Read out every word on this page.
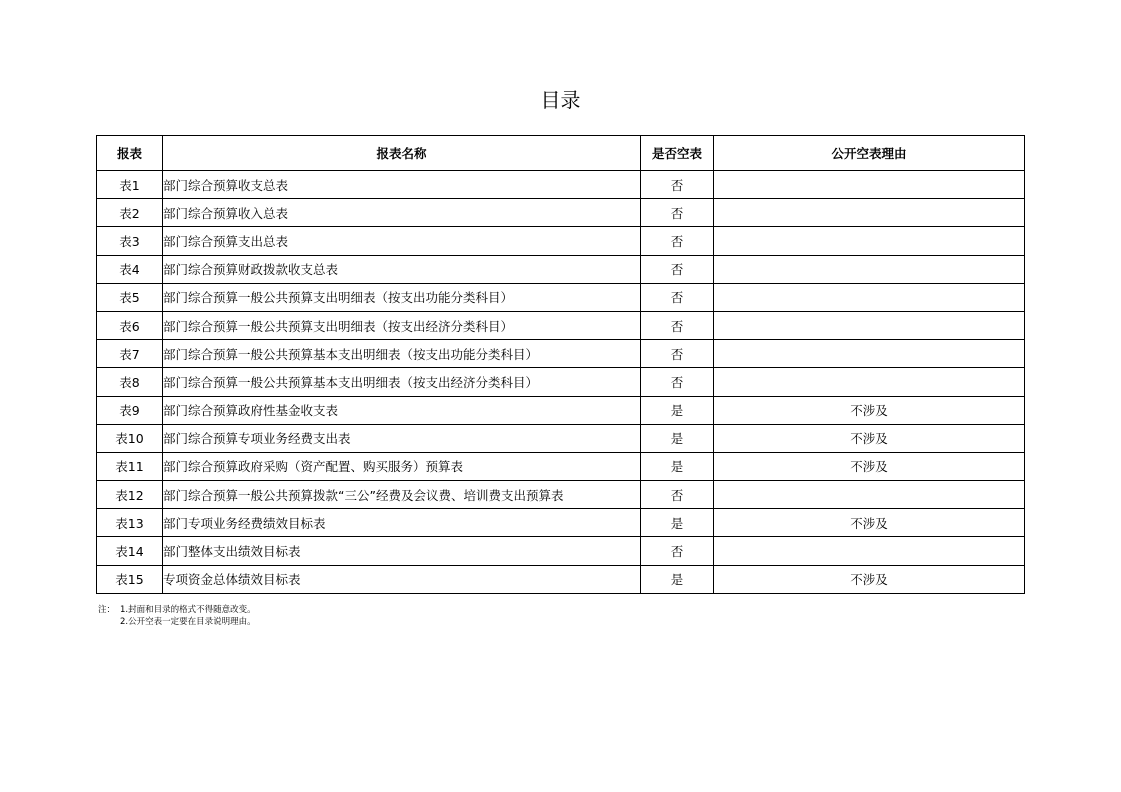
目录
报表	报表名称	是否空表	公开空表理由
表1	部门综合预算收支总表	否	
表2	部门综合预算收入总表	否	
表3	部门综合预算支出总表	否	
表4	部门综合预算财政拨款收支总表	否	
表5	部门综合预算一般公共预算支出明细表（按支出功能分类科目）	否	
表6	部门综合预算一般公共预算支出明细表（按支出经济分类科目）	否	
表7	部门综合预算一般公共预算基本支出明细表（按支出功能分类科目）	否	
表8	部门综合预算一般公共预算基本支出明细表（按支出经济分类科目）	否	
表9	部门综合预算政府性基金收支表	是	不涉及
表10	部门综合预算专项业务经费支出表	是	不涉及
表11	部门综合预算政府采购（资产配置、购买服务）预算表	是	不涉及
表12	部门综合预算一般公共预算拨款“三公”经费及会议费、培训费支出预算表	否	
表13	部门专项业务经费绩效目标表	是	不涉及
表14	部门整体支出绩效目标表	否	
表15	专项资金总体绩效目标表	是	不涉及
注： 1.封面和目录的格式不得随意改变。
2.公开空表一定要在目录说明理由。
